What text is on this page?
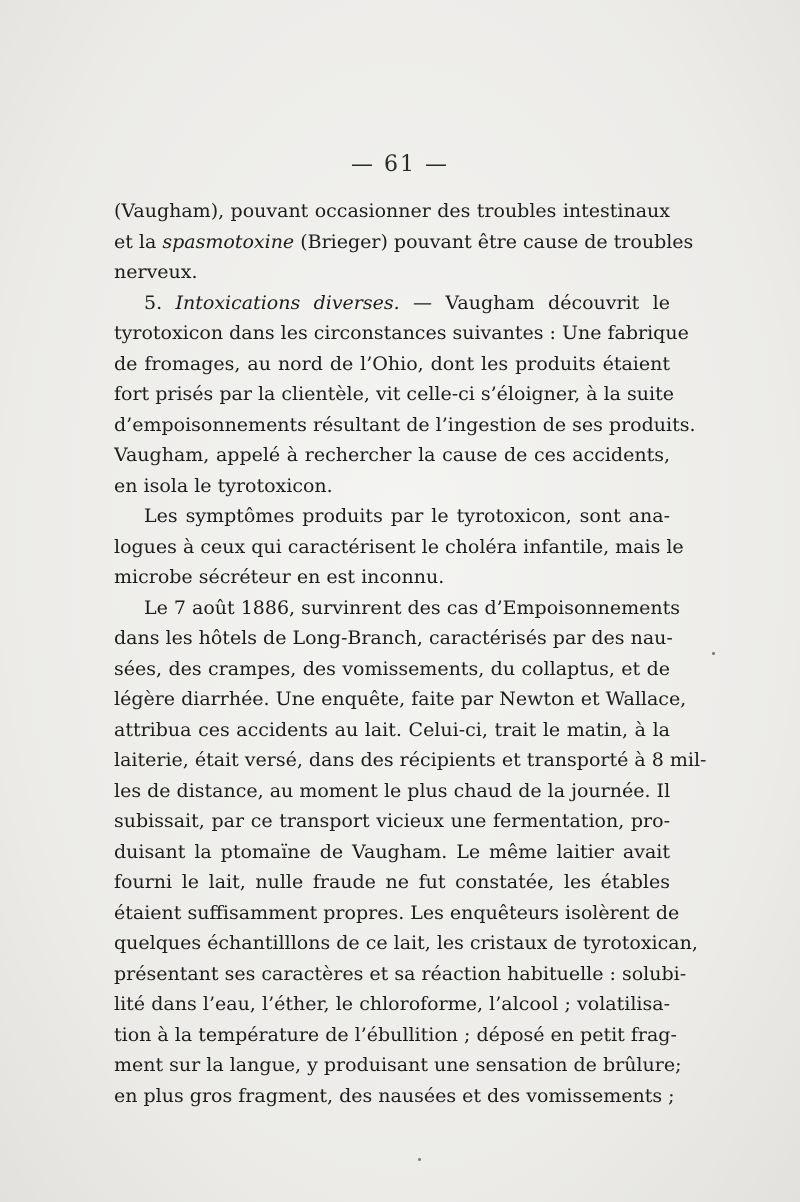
— 61 —
(Vaugham), pouvant occasionner des troubles intestinaux
et la spasmotoxine (Brieger) pouvant être cause de troubles
nerveux.
5. Intoxications diverses. — Vaugham découvrit le
tyrotoxicon dans les circonstances suivantes : Une fabrique
de fromages, au nord de l’Ohio, dont les produits étaient
fort prisés par la clientèle, vit celle-ci s’éloigner, à la suite
d’empoisonnements résultant de l’ingestion de ses produits.
Vaugham, appelé à rechercher la cause de ces accidents,
en isola le tyrotoxicon.
Les symptômes produits par le tyrotoxicon, sont ana-
logues à ceux qui caractérisent le choléra infantile, mais le
microbe sécréteur en est inconnu.
Le 7 août 1886, survinrent des cas d’Empoisonnements
dans les hôtels de Long-Branch, caractérisés par des nau-
sées, des crampes, des vomissements, du collaptus, et de
légère diarrhée. Une enquête, faite par Newton et Wallace,
attribua ces accidents au lait. Celui-ci, trait le matin, à la
laiterie, était versé, dans des récipients et transporté à 8 mil-
les de distance, au moment le plus chaud de la journée. Il
subissait, par ce transport vicieux une fermentation, pro-
duisant la ptomaïne de Vaugham. Le même laitier avait
fourni le lait, nulle fraude ne fut constatée, les étables
étaient suffisamment propres. Les enquêteurs isolèrent de
quelques échantilllons de ce lait, les cristaux de tyrotoxican,
présentant ses caractères et sa réaction habituelle : solubi-
lité dans l’eau, l’éther, le chloroforme, l’alcool ; volatilisa-
tion à la température de l’ébullition ; déposé en petit frag-
ment sur la langue, y produisant une sensation de brûlure;
en plus gros fragment, des nausées et des vomissements ;
